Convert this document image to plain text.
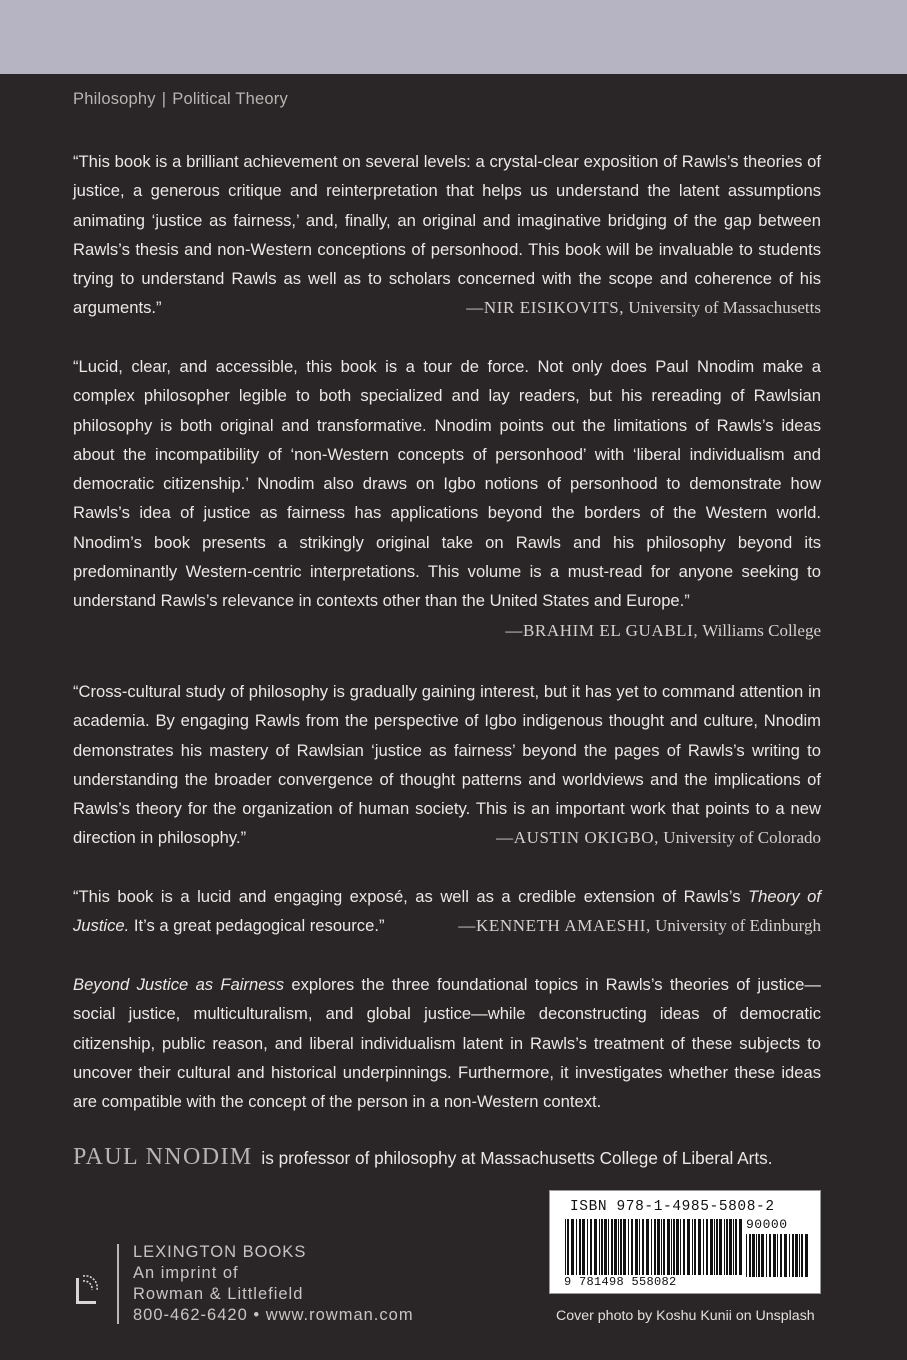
Philosophy | Political Theory

“This book is a brilliant achievement on several levels: a crystal-clear exposition of Rawls’s theories of justice, a generous critique and reinterpretation that helps us understand the latent assumptions animating ‘justice as fairness,’ and, finally, an original and imaginative bridging of the gap between Rawls’s thesis and non-Western conceptions of personhood. This book will be invaluable to students trying to understand Rawls as well as to scholars concerned with the scope and coherence of his arguments.”	—NIR EISIKOVITS, University of Massachusetts

“Lucid, clear, and accessible, this book is a tour de force. Not only does Paul Nnodim make a complex philosopher legible to both specialized and lay readers, but his rereading of Rawlsian philosophy is both original and transformative. Nnodim points out the limitations of Rawls’s ideas about the incompatibility of ‘non-Western concepts of personhood’ with ‘liberal individualism and democratic citizenship.’ Nnodim also draws on Igbo notions of personhood to demonstrate how Rawls’s idea of justice as fairness has applications beyond the borders of the Western world. Nnodim’s book presents a strikingly original take on Rawls and his philosophy beyond its predominantly Western-centric interpretations. This volume is a must-read for anyone seeking to understand Rawls’s relevance in contexts other than the United States and Europe.”
—BRAHIM EL GUABLI, Williams College

“Cross-cultural study of philosophy is gradually gaining interest, but it has yet to command attention in academia. By engaging Rawls from the perspective of Igbo indigenous thought and culture, Nnodim demonstrates his mastery of Rawlsian ‘justice as fairness’ beyond the pages of Rawls’s writing to understanding the broader convergence of thought patterns and worldviews and the implications of Rawls’s theory for the organization of human society. This is an important work that points to a new direction in philosophy.”	—AUSTIN OKIGBO, University of Colorado

“This book is a lucid and engaging exposé, as well as a credible extension of Rawls’s Theory of Justice. It’s a great pedagogical resource.”	—KENNETH AMAESHI, University of Edinburgh

Beyond Justice as Fairness explores the three foundational topics in Rawls’s theories of justice—social justice, multiculturalism, and global justice—while deconstructing ideas of democratic citizenship, public reason, and liberal individualism latent in Rawls’s treatment of these subjects to uncover their cultural and historical underpinnings. Furthermore, it investigates whether these ideas are compatible with the concept of the person in a non-Western context.

PAUL NNODIM is professor of philosophy at Massachusetts College of Liberal Arts.
LEXINGTON BOOKS
An imprint of
Rowman & Littlefield
800-462-6420 • www.rowman.com
ISBN 978-1-4985-5808-2
90000
9 781498 558082
Cover photo by Koshu Kunii on Unsplash
